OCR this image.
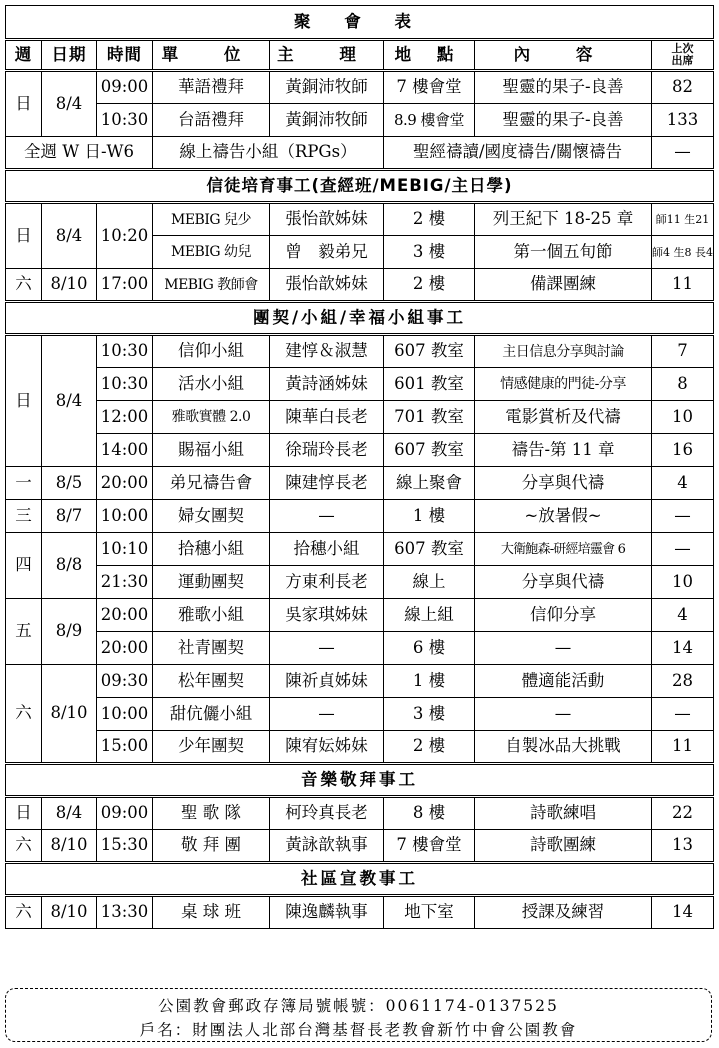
聚 會 表							
週	日期	時間	單 位	主 理	地 點	內 容	上次
出席

日	8/4	09:00	華語禮拜	黃銅沛牧師	7 樓會堂	聖靈的果子-良善	82
		10:30	台語禮拜	黃銅沛牧師	8.9 樓會堂	聖靈的果子-良善	133
全週 W 日-W6			線上禱告小組（RPGs）		聖經禱讀/國度禱告/關懷禱告		—
信徒培育事工(查經班/MEBIG/主日學)							
日	8/4	10:20	MEBIG 兒少	張怡歆姊妹	2 樓	列王紀下 18-25 章	師11 生21
			MEBIG 幼兒	曾　毅弟兄	3 樓	第一個五旬節	師4 生8 長4
六	8/10	17:00	MEBIG 教師會	張怡歆姊妹	2 樓	備課團練	11
團契/小組/幸福小組事工							
日	8/4	10:30	信仰小組	建惇＆淑慧	607 教室	主日信息分享與討論	7
		10:30	活水小組	黃詩涵姊妹	601 教室	情感健康的門徒-分享	8
		12:00	雅歌實體 2.0	陳華白長老	701 教室	電影賞析及代禱	10
		14:00	賜福小組	徐瑞玲長老	607 教室	禱告-第 11 章	16
一	8/5	20:00	弟兄禱告會	陳建惇長老	線上聚會	分享與代禱	4
三	8/7	10:00	婦女團契	—	1 樓	~放暑假~	—
四	8/8	10:10	拾穗小組	拾穗小組	607 教室	大衛鮑森-研經培靈會 6	—
		21:30	運動團契	方東利長老	線上	分享與代禱	10
五	8/9	20:00	雅歌小組	吳家琪姊妹	線上組	信仰分享	4
		20:00	社青團契	—	6 樓	—	14
六	8/10	09:30	松年團契	陳祈貞姊妹	1 樓	體適能活動	28
		10:00	甜伉儷小組	—	3 樓	—	—
		15:00	少年團契	陳宥妘姊妹	2 樓	自製冰品大挑戰	11
音樂敬拜事工							
日	8/4	09:00	聖 歌 隊	柯玲真長老	8 樓	詩歌練唱	22
六	8/10	15:30	敬 拜 團	黃詠歆執事	7 樓會堂	詩歌團練	13
社區宣教事工							
六	8/10	13:30	桌 球 班	陳逸麟執事	地下室	授課及練習	14
公園教會郵政存簿局號帳號：0061174-0137525
戶名：財團法人北部台灣基督長老教會新竹中會公園教會
